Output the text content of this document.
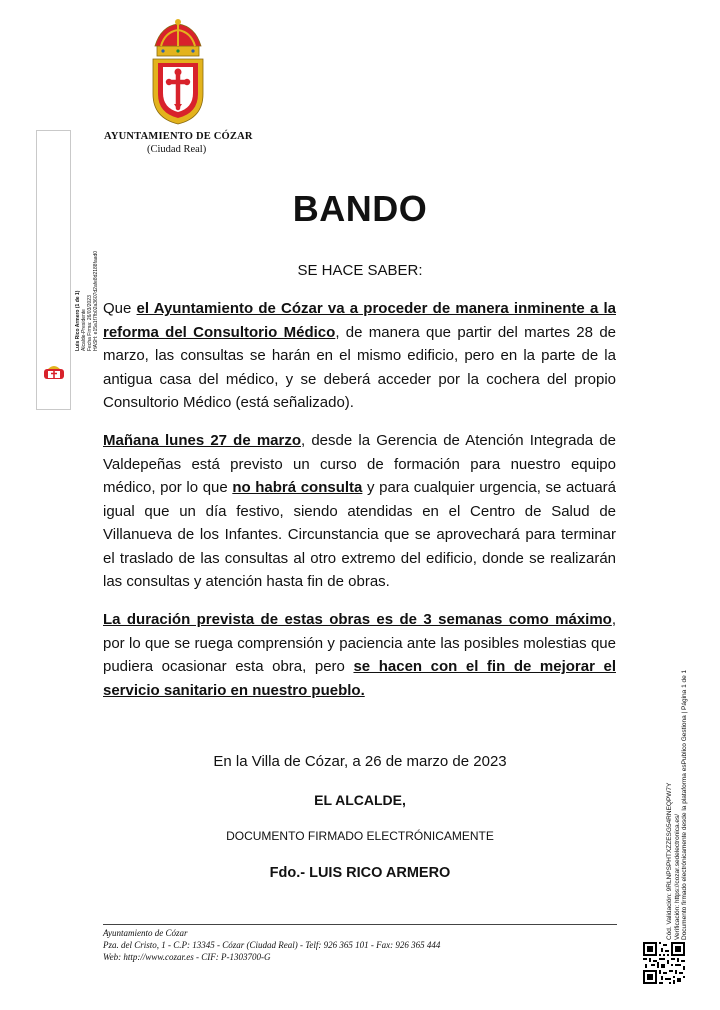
AYUNTAMIENTO DE CÓZAR
(Ciudad Real)
Luis Rico Armero (1 de 1) Alcalde-Presidente Fecha Firma: 26/03/2023 HASH: e15a1f7fb02a3607d2afe8d2188faad0
BANDO
SE HACE SABER:
Que el Ayuntamiento de Cózar va a proceder de manera inminente a la reforma del Consultorio Médico, de manera que partir del martes 28 de marzo, las consultas se harán en el mismo edificio, pero en la parte de la antigua casa del médico, y se deberá acceder por la cochera del propio Consultorio Médico (está señalizado).
Mañana lunes 27 de marzo, desde la Gerencia de Atención Integrada de Valdepeñas está previsto un curso de formación para nuestro equipo médico, por lo que no habrá consulta y para cualquier urgencia, se actuará igual que un día festivo, siendo atendidas en el Centro de Salud de Villanueva de los Infantes. Circunstancia que se aprovechará para terminar el traslado de las consultas al otro extremo del edificio, donde se realizarán las consultas y atención hasta fin de obras.
La duración prevista de estas obras es de 3 semanas como máximo, por lo que se ruega comprensión y paciencia ante las posibles molestias que pudiera ocasionar esta obra, pero se hacen con el fin de mejorar el servicio sanitario en nuestro pueblo.
En la Villa de Cózar, a 26 de marzo de 2023
EL ALCALDE,
DOCUMENTO FIRMADO ELECTRÓNICAMENTE
Fdo.- LUIS RICO ARMERO
Ayuntamiento de Cózar
Pza. del Cristo, 1 - C.P: 13345 - Cózar (Ciudad Real) - Telf: 926 365 101 - Fax: 926 365 444
Web: http://www.cozar.es - CIF: P-1303700-G
Cód. Validación: 9RLNPSPHTXZZESG54RNEQPW7Y Verificación: https://cozar.sedelectronica.es/ Documento firmado electrónicamente desde la plataforma esPublico Gestiona | Página 1 de 1
